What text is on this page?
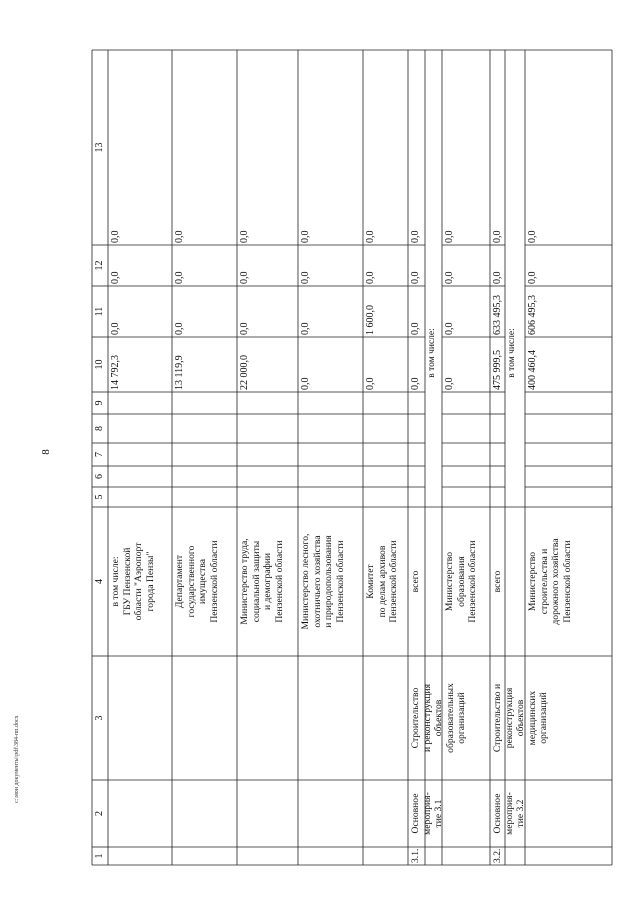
8
1
2
3
4
5
6
7
8
9
10
11
12
13
в том числе:
ГБУ Пензенской
области "Аэропорт
города Пензы"
14 792,3
0,0
0,0
0,0
Департамент
государственного
имущества
Пензенской области
13 119,9
0,0
0,0
0,0
Министерство труда,
социальной защиты
и демографии
Пензенской области
22 000,0
0,0
0,0
0,0
Министерство лесного,
охотничьего хозяйства
и природопользования
Пензенской области
0,0
0,0
0,0
0,0
Комитет
по делам архивов
Пензенской области
0,0
1 600,0
0,0
0,0
3.1.
Основное
мероприя-
тие 3.1
Строительство
и реконструкция
объектов
образовательных
организаций
всего
0,0
0,0
0,0
0,0
в том числе:
Министерство
образования
Пензенской области
0,0
0,0
0,0
0,0
3.2.
Основное
мероприя-
тие 3.2
Строительство и
реконструкция
объектов
медицинских
организаций
всего
475 999,5
633 495,3
0,0
0,0
в том числе:
Министерство
строительства и
дорожного хозяйства
Пензенской области
400 460,4
606 495,3
0,0
0,0
c:\мои документы\pdf\384-пп.docx
